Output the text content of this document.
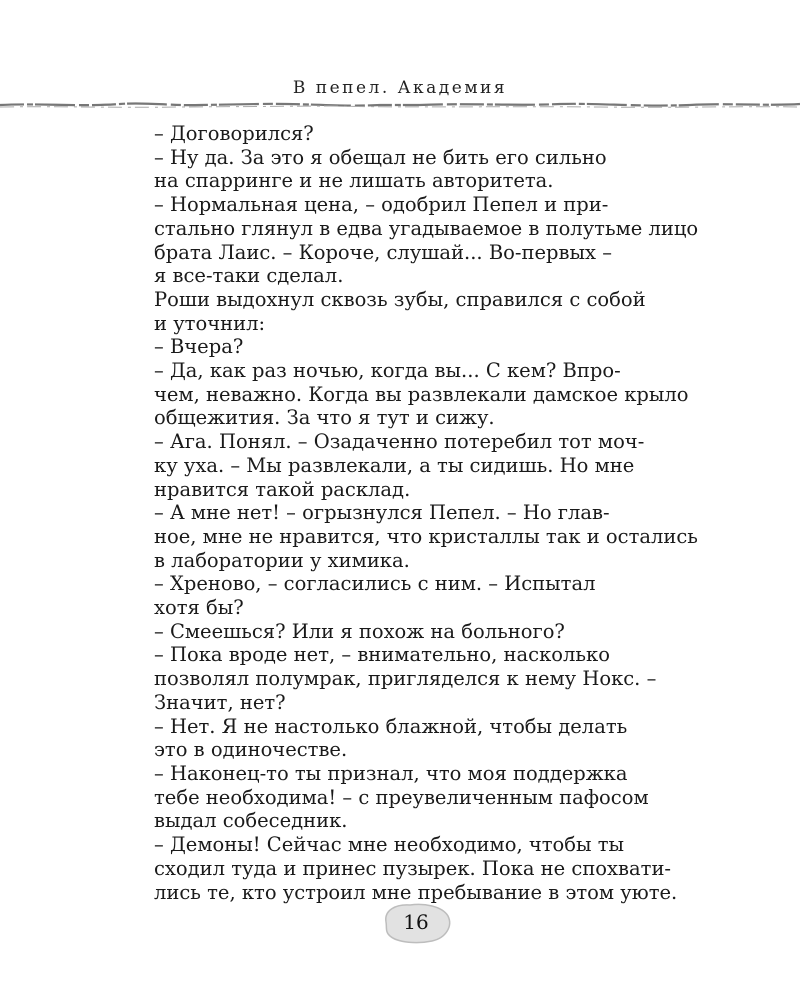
В пепел. Академия

– Договорился?

– Ну да. За это я обещал не бить его сильно
на спарринге и не лишать авторитета.

– Нормальная цена, – одобрил Пепел и при-
стально глянул в едва угадываемое в полутьме лицо
брата Лаис. – Короче, слушай... Во-первых –
я все-таки сделал.

Роши выдохнул сквозь зубы, справился с собой
и уточнил:

– Вчера?

– Да, как раз ночью, когда вы... С кем? Впро-
чем, неважно. Когда вы развлекали дамское крыло
общежития. За что я тут и сижу.

– Ага. Понял. – Озадаченно потеребил тот моч-
ку уха. – Мы развлекали, а ты сидишь. Но мне
нравится такой расклад.

– А мне нет! – огрызнулся Пепел. – Но глав-
ное, мне не нравится, что кристаллы так и остались
в лаборатории у химика.

– Хреново, – согласились с ним. – Испытал
хотя бы?

– Смеешься? Или я похож на больного?

– Пока вроде нет, – внимательно, насколько
позволял полумрак, пригляделся к нему Нокс. –
Значит, нет?

– Нет. Я не настолько блажной, чтобы делать
это в одиночестве.

– Наконец-то ты признал, что моя поддержка
тебе необходима! – с преувеличенным пафосом
выдал собеседник.

– Демоны! Сейчас мне необходимо, чтобы ты
сходил туда и принес пузырек. Пока не спохвати-
лись те, кто устроил мне пребывание в этом уюте.

16
